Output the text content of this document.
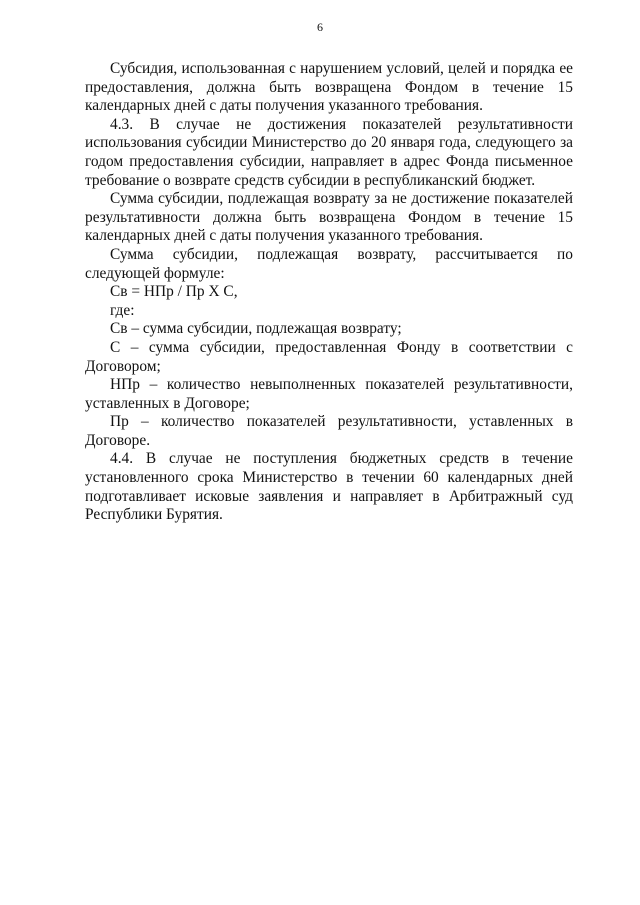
6

Субсидия, использованная с нарушением условий, целей и порядка ее предоставления, должна быть возвращена Фондом в течение 15 календарных дней с даты получения указанного требования.

4.3. В случае не достижения показателей результативности использования субсидии Министерство до 20 января года, следующего за годом предоставления субсидии, направляет в адрес Фонда письменное требование о возврате средств субсидии в республиканский бюджет.

Сумма субсидии, подлежащая возврату за не достижение показателей результативности должна быть возвращена Фондом в течение 15 календарных дней с даты получения указанного требования.

Сумма субсидии, подлежащая возврату, рассчитывается по следующей формуле:

Св = НПр / Пр Х С,

где:

Св – сумма субсидии, подлежащая возврату;

С – сумма субсидии, предоставленная Фонду в соответствии с Договором;

НПр – количество невыполненных показателей результативности, уставленных в Договоре;

Пр – количество показателей результативности, уставленных в Договоре.

4.4. В случае не поступления бюджетных средств в течение установленного срока Министерство в течении 60 календарных дней подготавливает исковые заявления и направляет в Арбитражный суд Республики Бурятия.
